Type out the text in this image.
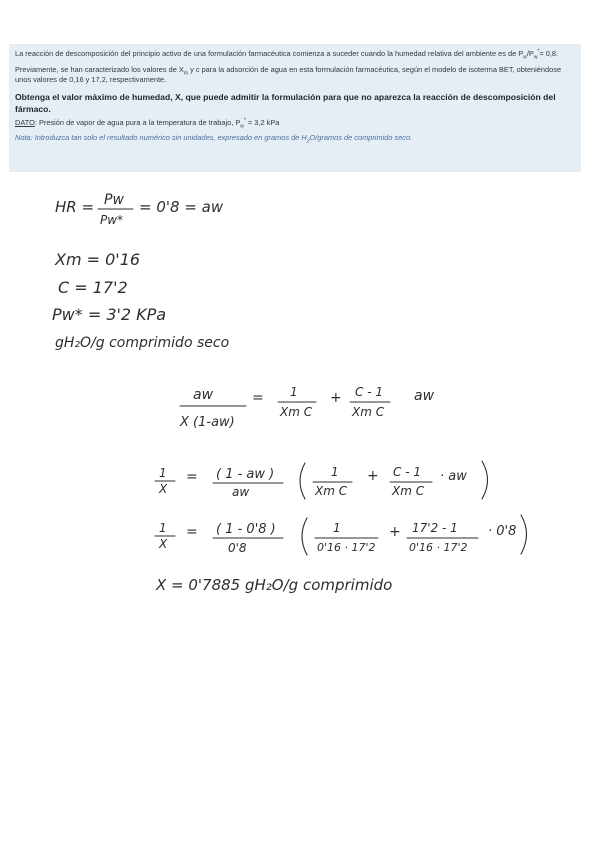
La reacción de descomposición del principio activo de una formulación farmacéutica comienza a suceder cuando la humedad relativa del ambiente es de $P_w/P_w^*= 0,8$.

Previamente, se han caracterizado los valores de $X_m$ y c para la adsorción de agua en esta formulación farmacéutica, según el modelo de isoterma BET, obteniéndose unos valores de 0,16 y 17,2, respectivamente.

Obtenga el valor máximo de humedad, X, que puede admitir la formulación para que no aparezca la reacción de descomposición del fármaco.

DATO: Presión de vapor de agua pura a la temperatura de trabajo, $P_w^* = 3,2$ kPa

Nota: Introduzca tan solo el resultado numérico sin unidades, expresado en gramos de $H_2O$/gramos de comprimido seco.

HR = Pw
Pw*
= 0'8 = aw
Xm = 0'16
C = 17'2
Pw* = 3'2 KPa
gH₂O/g comprimido seco
aw
X (1-aw)
= 1
Xm C
+ C - 1
Xm C
aw
1
X
= ( 1 - aw )
aw
1
Xm C
+ C - 1
Xm C
· aw
1
X
= ( 1 - 0'8 )
0'8
1
0'16 · 17'2
+ 17'2 - 1
0'16 · 17'2
· 0'8
X = 0'7885 gH₂O/g comprimido
